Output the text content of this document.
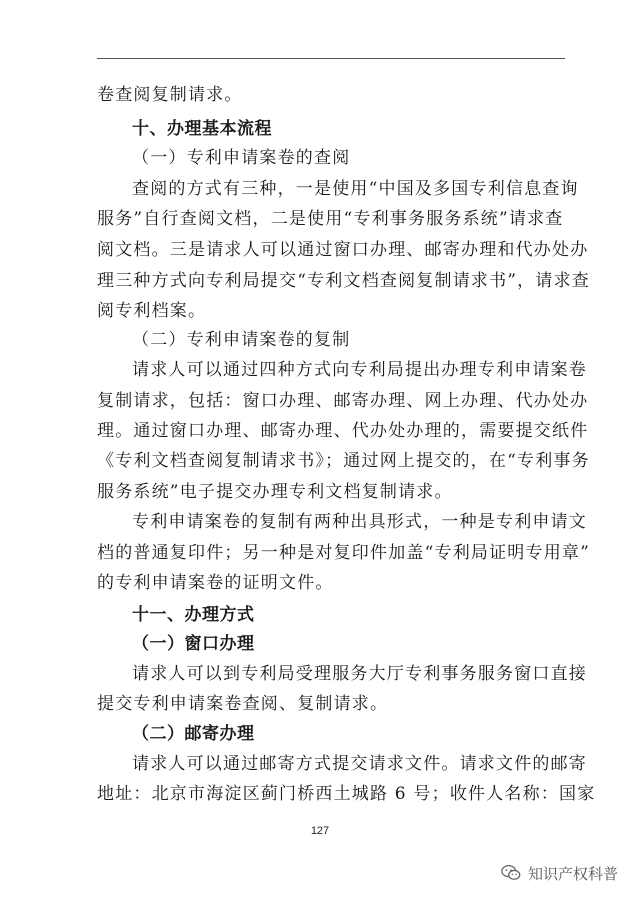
卷查阅复制请求。
十、办理基本流程
（一）专利申请案卷的查阅
查阅的方式有三种，一是使用“中国及多国专利信息查询
服务”自行查阅文档，二是使用“专利事务服务系统”请求查
阅文档。三是请求人可以通过窗口办理、邮寄办理和代办处办
理三种方式向专利局提交“专利文档查阅复制请求书”，请求查
阅专利档案。
（二）专利申请案卷的复制
请求人可以通过四种方式向专利局提出办理专利申请案卷
复制请求，包括：窗口办理、邮寄办理、网上办理、代办处办
理。通过窗口办理、邮寄办理、代办处办理的，需要提交纸件
《专利文档查阅复制请求书》；通过网上提交的，在“专利事务
服务系统”电子提交办理专利文档复制请求。
专利申请案卷的复制有两种出具形式，一种是专利申请文
档的普通复印件；另一种是对复印件加盖“专利局证明专用章”
的专利申请案卷的证明文件。
十一、办理方式
（一）窗口办理
请求人可以到专利局受理服务大厅专利事务服务窗口直接
提交专利申请案卷查阅、复制请求。
（二）邮寄办理
请求人可以通过邮寄方式提交请求文件。请求文件的邮寄
地址：北京市海淀区蓟门桥西土城路 6 号；收件人名称：国家
127
知识产权科普
